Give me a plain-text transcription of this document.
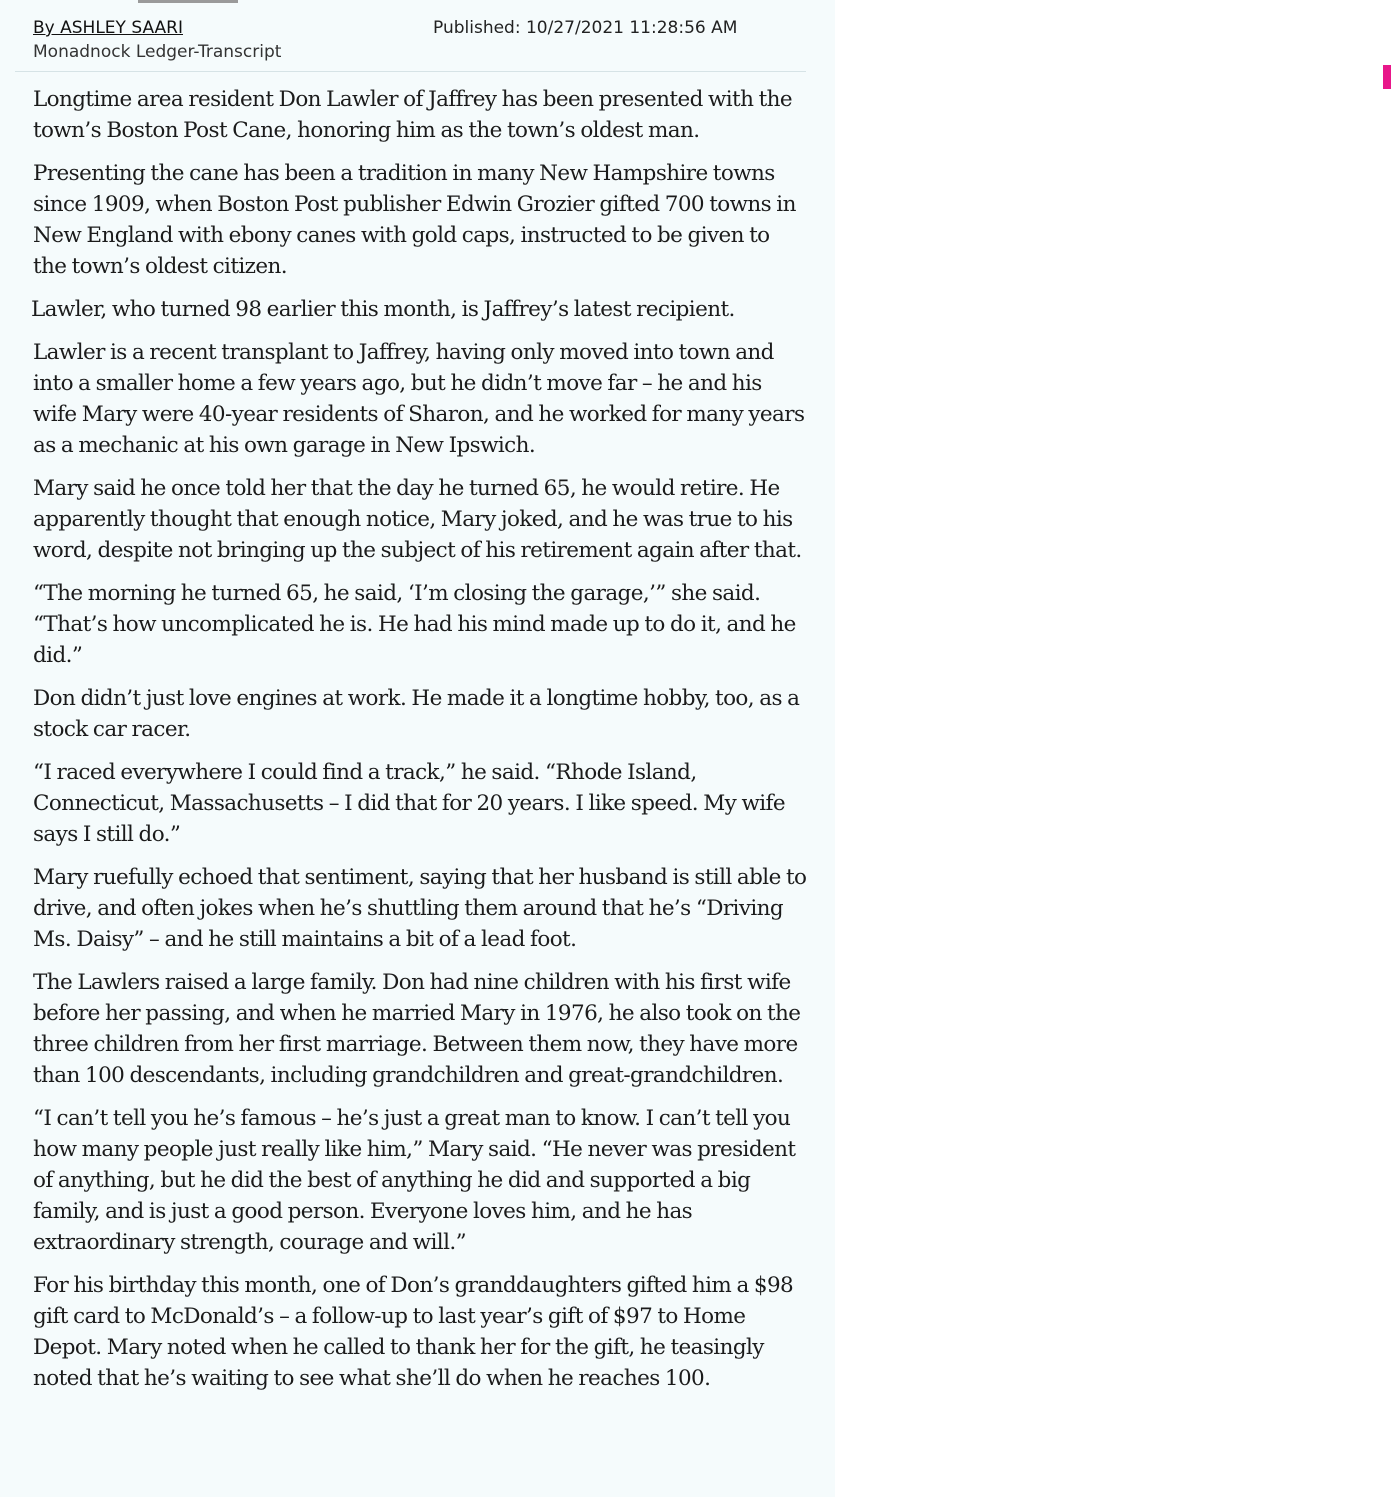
By ASHLEY SAARI	Published: 10/27/2021 11:28:56 AM
Monadnock Ledger-Transcript

Longtime area resident Don Lawler of Jaffrey has been presented with the town’s Boston Post Cane, honoring him as the town’s oldest man.

Presenting the cane has been a tradition in many New Hampshire towns since 1909, when Boston Post publisher Edwin Grozier gifted 700 towns in New England with ebony canes with gold caps, instructed to be given to the town’s oldest citizen.

Lawler, who turned 98 earlier this month, is Jaffrey’s latest recipient.

Lawler is a recent transplant to Jaffrey, having only moved into town and into a smaller home a few years ago, but he didn’t move far – he and his wife Mary were 40-year residents of Sharon, and he worked for many years as a mechanic at his own garage in New Ipswich.

Mary said he once told her that the day he turned 65, he would retire. He apparently thought that enough notice, Mary joked, and he was true to his word, despite not bringing up the subject of his retirement again after that.

“The morning he turned 65, he said, ‘I’m closing the garage,’” she said. “That’s how uncomplicated he is. He had his mind made up to do it, and he did.”

Don didn’t just love engines at work. He made it a longtime hobby, too, as a stock car racer.

“I raced everywhere I could find a track,” he said. “Rhode Island, Connecticut, Massachusetts – I did that for 20 years. I like speed. My wife says I still do.”

Mary ruefully echoed that sentiment, saying that her husband is still able to drive, and often jokes when he’s shuttling them around that he’s “Driving Ms. Daisy” – and he still maintains a bit of a lead foot.

The Lawlers raised a large family. Don had nine children with his first wife before her passing, and when he married Mary in 1976, he also took on the three children from her first marriage. Between them now, they have more than 100 descendants, including grandchildren and great-grandchildren.

“I can’t tell you he’s famous – he’s just a great man to know. I can’t tell you how many people just really like him,” Mary said. “He never was president of anything, but he did the best of anything he did and supported a big family, and is just a good person. Everyone loves him, and he has extraordinary strength, courage and will.”

For his birthday this month, one of Don’s granddaughters gifted him a $98 gift card to McDonald’s – a follow-up to last year’s gift of $97 to Home Depot. Mary noted when he called to thank her for the gift, he teasingly noted that he’s waiting to see what she’ll do when he reaches 100.
